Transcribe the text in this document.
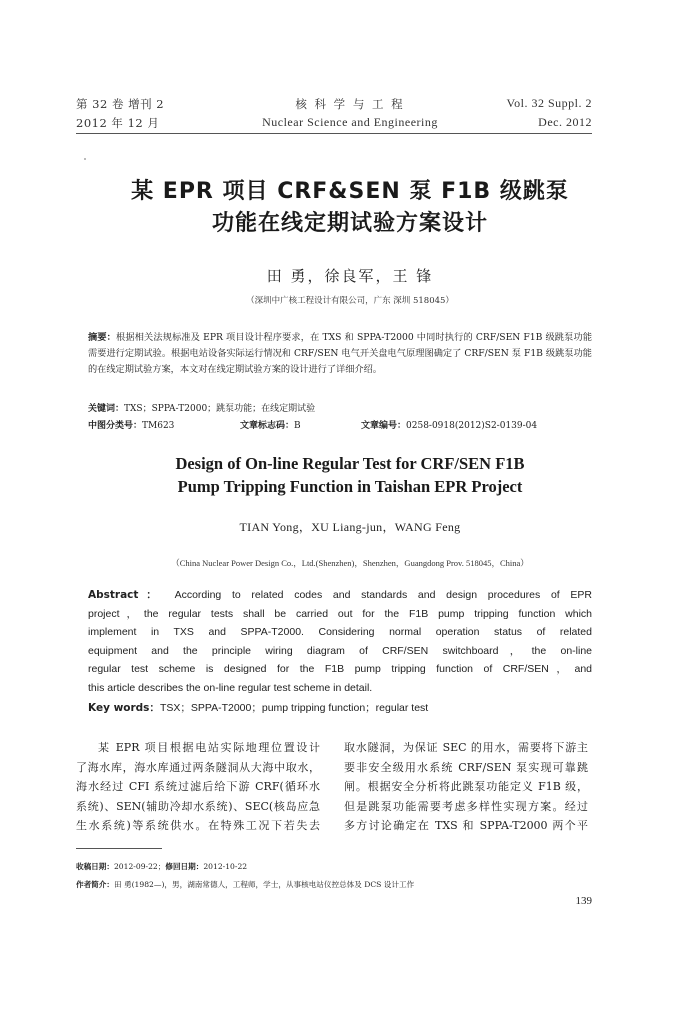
第 32 卷 增刊 2
2012 年 12 月
核 科 学 与 工 程
Nuclear Science and Engineering
Vol. 32 Suppl. 2
Dec. 2012
某 EPR 项目 CRF&SEN 泵 F1B 级跳泵
功能在线定期试验方案设计
田 勇，徐良军，王 锋
（深圳中广核工程设计有限公司，广东 深圳 518045）
摘要：根据相关法规标准及 EPR 项目设计程序要求，在 TXS 和 SPPA-T2000 中同时执行的 CRF/SEN F1B 级跳泵功能需要进行定期试验。根据电站设备实际运行情况和 CRF/SEN 电气开关盘电气原理图确定了 CRF/SEN 泵 F1B 级跳泵功能的在线定期试验方案，本文对在线定期试验方案的设计进行了详细介绍。
关键词：TXS；SPPA-T2000；跳泵功能；在线定期试验
中图分类号：TM623	文章标志码：B	文章编号：0258-0918(2012)S2-0139-04
Design of On-line Regular Test for CRF/SEN F1B
Pump Tripping Function in Taishan EPR Project
TIAN Yong，XU Liang-jun，WANG Feng
（China Nuclear Power Design Co.，Ltd.(Shenzhen)，Shenzhen，Guangdong Prov. 518045，China）
Abstract： According to related codes and standards and design procedures of EPR
project，the regular tests shall be carried out for the F1B pump tripping function which
implement in TXS and SPPA-T2000. Considering normal operation status of related
equipment and the principle wiring diagram of CRF/SEN switchboard，the on-line
regular test scheme is designed for the F1B pump tripping function of CRF/SEN，and
this article describes the on-line regular test scheme in detail.
Key words：TSX；SPPA-T2000；pump tripping function；regular test
某 EPR 项目根据电站实际地理位置设计
了海水库，海水库通过两条隧洞从大海中取水，
海水经过 CFI 系统过滤后给下游 CRF(循环水
系统)、SEN(辅助冷却水系统)、SEC(核岛应急
生水系统)等系统供水。在特殊工况下若失去
取水隧洞，为保证 SEC 的用水，需要将下游主
要非安全级用水系统 CRF/SEN 泵实现可靠跳
闸。根据安全分析将此跳泵功能定义 F1B 级，
但是跳泵功能需要考虑多样性实现方案。经过
多方讨论确定在 TXS 和 SPPA-T2000 两个平
收稿日期：2012-09-22；修回日期：2012-10-22
作者简介：田 勇(1982—)，男，湖南常德人，工程师，学士，从事核电站仪控总体及 DCS 设计工作
139
